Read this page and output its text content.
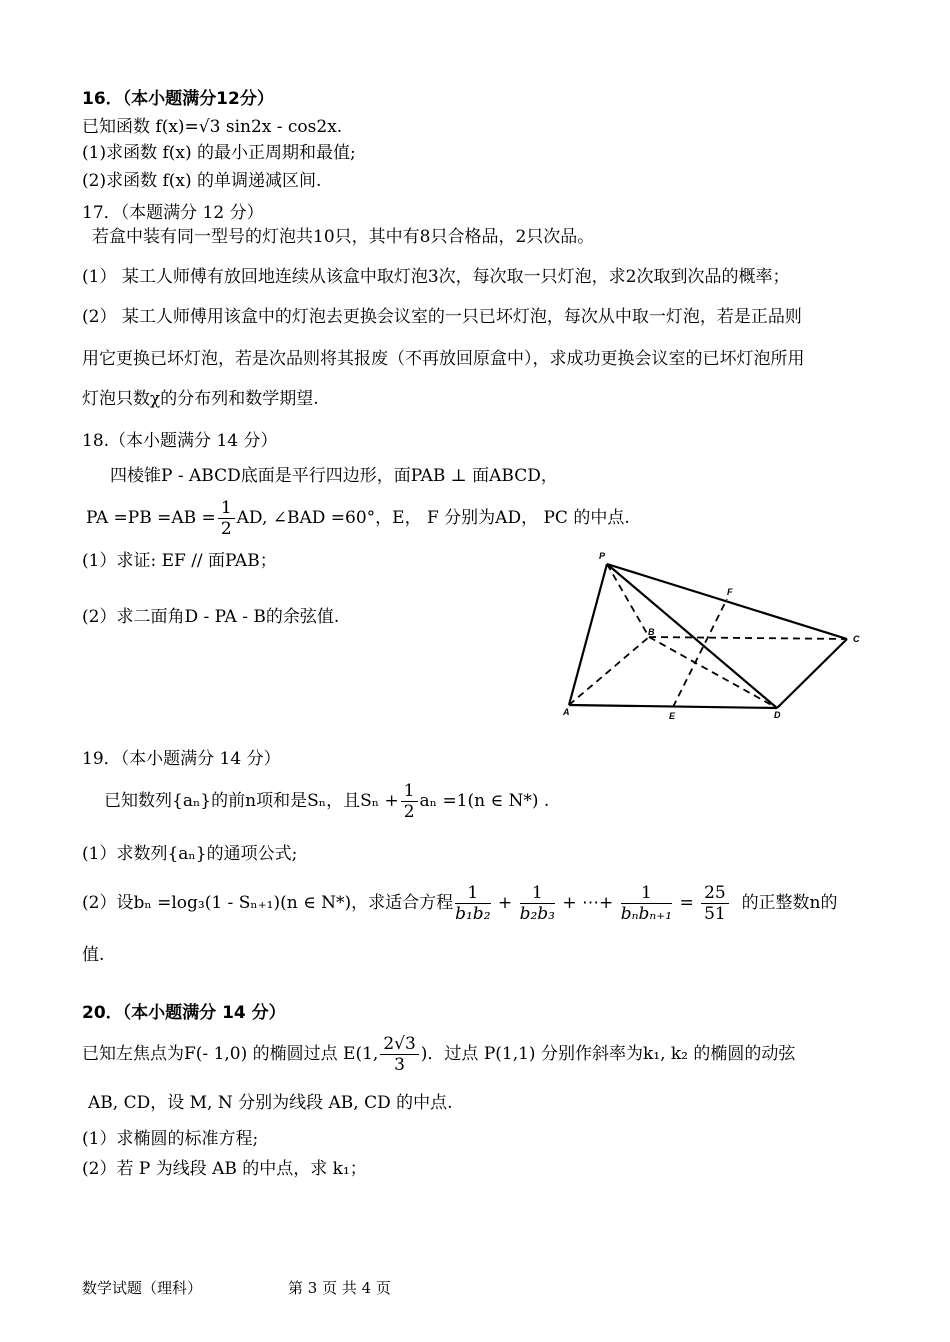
16．（本小题满分12分）
已知函数 f(x)=√3 sin2x - cos2x.
(1)求函数 f(x) 的最小正周期和最值;
(2)求函数 f(x) 的单调递减区间.
17．（本题满分 12 分）
若盒中装有同一型号的灯泡共10只，其中有8只合格品，2只次品。
(1） 某工人师傅有放回地连续从该盒中取灯泡3次，每次取一只灯泡，求2次取到次品的概率；
(2） 某工人师傅用该盒中的灯泡去更换会议室的一只已坏灯泡，每次从中取一灯泡，若是正品则
用它更换已坏灯泡，若是次品则将其报废（不再放回原盒中），求成功更换会议室的已坏灯泡所用
灯泡只数χ的分布列和数学期望.
18.（本小题满分 14 分）
四棱锥P - ABCD底面是平行四边形，面PAB ⊥ 面ABCD，
PA $=PB =AB = \frac{1}{2}$ AD, ∠BAD =60°，E， F 分别为AD， PC 的中点.
(1）求证: EF // 面PAB；
(2）求二面角D - PA - B的余弦值.
P
A
B
C
D
E
F
19．（本小题满分 14 分）
已知数列{aₙ}的前n项和是Sₙ，且$S_n + \frac{1}{2}$ aₙ =1(n ∈ N*) .
(1）求数列{aₙ}的通项公式;
(2）设bₙ =log₃(1 - Sₙ₊₁)(n ∈ N*)，求适合方程 $\frac{1}{\text{b₁b₂}} + \frac{1}{\text{b₂b₃}}$ + ⋯+ $\frac{1}{\text{bₙbₙ₊₁}} = \frac{25}{51}$ 的正整数n的
值.
20．（本小题满分 14 分）
已知左焦点为F(- 1,0) 的椭圆过点 E(1, $\frac{2√3}{3}$ )．过点 P(1,1) 分别作斜率为k₁, k₂ 的椭圆的动弦
AB, CD，设 M, N 分别为线段 AB, CD 的中点.
(1）求椭圆的标准方程;
(2）若 P 为线段 AB 的中点，求 k₁；
数学试题（理科）	第 3 页 共 4 页
